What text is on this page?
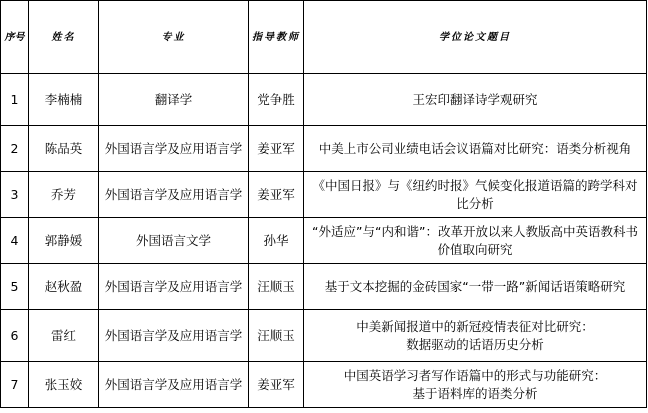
序号	姓名	专业	指导教师	学位论文题目
1	李楠楠	翻译学	党争胜	王宏印翻译诗学观研究
2	陈品英	外国语言学及应用语言学	姜亚军	中美上市公司业绩电话会议语篇对比研究：语类分析视角
3	乔芳	外国语言学及应用语言学	姜亚军	《中国日报》与《纽约时报》气候变化报道语篇的跨学科对比分析
4	郭静媛	外国语言文学	孙华	“外适应”与“内和谐”：改革开放以来人教版高中英语教科书价值取向研究
5	赵秋盈	外国语言学及应用语言学	汪顺玉	基于文本挖掘的金砖国家“一带一路”新闻话语策略研究
6	雷红	外国语言学及应用语言学	汪顺玉	中美新闻报道中的新冠疫情表征对比研究：
数据驱动的话语历史分析

7	张玉姣	外国语言学及应用语言学	姜亚军	中国英语学习者写作语篇中的形式与功能研究：
基于语料库的语类分析
